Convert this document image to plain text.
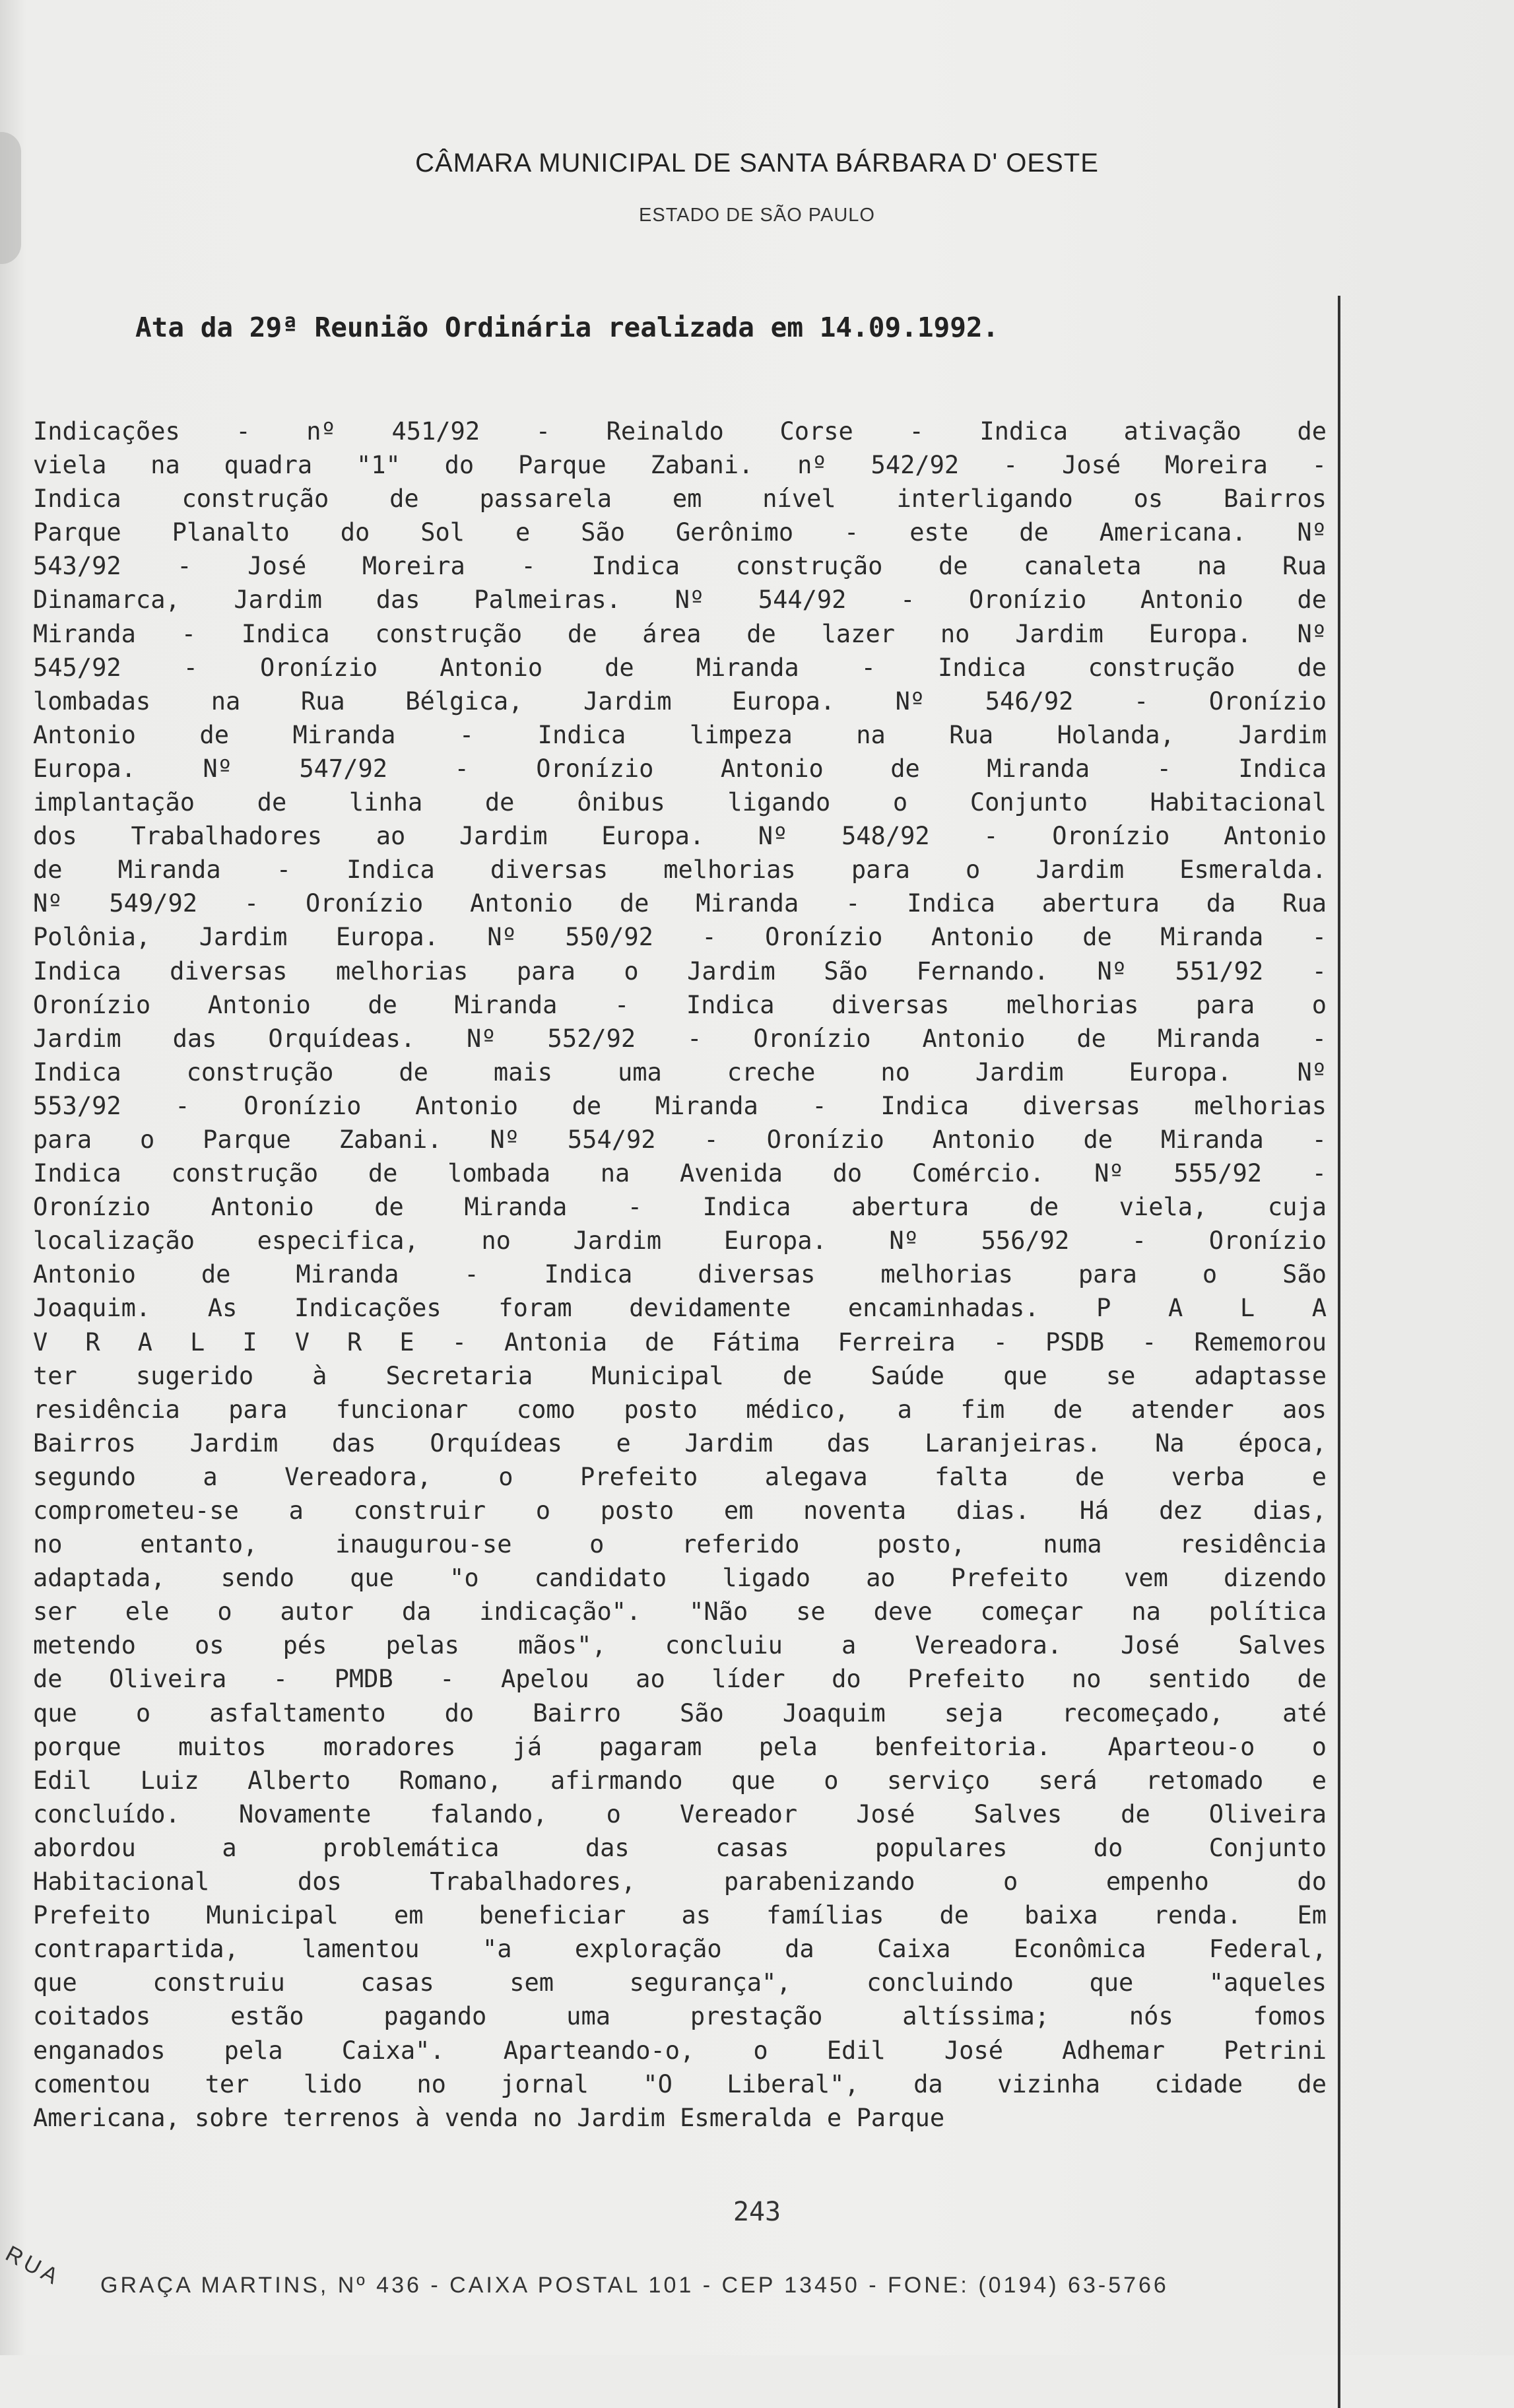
CÂMARA MUNICIPAL DE SANTA BÁRBARA D' OESTE
ESTADO DE SÃO PAULO
Ata da 29ª Reunião Ordinária realizada em 14.09.1992.
Indicações - nº 451/92 - Reinaldo Corse - Indica ativação de
viela na quadra "1" do Parque Zabani. nº 542/92 - José Moreira -
Indica construção de passarela em nível interligando os Bairros
Parque Planalto do Sol e São Gerônimo - este de Americana. Nº
543/92 - José Moreira - Indica construção de canaleta na Rua
Dinamarca, Jardim das Palmeiras. Nº 544/92 - Oronízio Antonio de
Miranda - Indica construção de área de lazer no Jardim Europa. Nº
545/92 - Oronízio Antonio de Miranda - Indica construção de
lombadas na Rua Bélgica, Jardim Europa. Nº 546/92 - Oronízio
Antonio de Miranda - Indica limpeza na Rua Holanda, Jardim
Europa. Nº 547/92 - Oronízio Antonio de Miranda - Indica
implantação de linha de ônibus ligando o Conjunto Habitacional
dos Trabalhadores ao Jardim Europa. Nº 548/92 - Oronízio Antonio
de Miranda - Indica diversas melhorias para o Jardim Esmeralda.
Nº 549/92 - Oronízio Antonio de Miranda - Indica abertura da Rua
Polônia, Jardim Europa. Nº 550/92 - Oronízio Antonio de Miranda -
Indica diversas melhorias para o Jardim São Fernando. Nº 551/92 -
Oronízio Antonio de Miranda - Indica diversas melhorias para o
Jardim das Orquídeas. Nº 552/92 - Oronízio Antonio de Miranda -
Indica construção de mais uma creche no Jardim Europa. Nº
553/92 - Oronízio Antonio de Miranda - Indica diversas melhorias
para o Parque Zabani. Nº 554/92 - Oronízio Antonio de Miranda -
Indica construção de lombada na Avenida do Comércio. Nº 555/92 -
Oronízio Antonio de Miranda - Indica abertura de viela, cuja
localização especifica, no Jardim Europa. Nº 556/92 - Oronízio
Antonio de Miranda - Indica diversas melhorias para o São
Joaquim. As Indicações foram devidamente encaminhadas. P A L A
V R A L I V R E - Antonia de Fátima Ferreira - PSDB - Rememorou
ter sugerido à Secretaria Municipal de Saúde que se adaptasse
residência para funcionar como posto médico, a fim de atender aos
Bairros Jardim das Orquídeas e Jardim das Laranjeiras. Na época,
segundo a Vereadora, o Prefeito alegava falta de verba e
comprometeu-se a construir o posto em noventa dias. Há dez dias,
no entanto, inaugurou-se o referido posto, numa residência
adaptada, sendo que "o candidato ligado ao Prefeito vem dizendo
ser ele o autor da indicação". "Não se deve começar na política
metendo os pés pelas mãos", concluiu a Vereadora. José Salves
de Oliveira - PMDB - Apelou ao líder do Prefeito no sentido de
que o asfaltamento do Bairro São Joaquim seja recomeçado, até
porque muitos moradores já pagaram pela benfeitoria. Aparteou-o o
Edil Luiz Alberto Romano, afirmando que o serviço será retomado e
concluído. Novamente falando, o Vereador José Salves de Oliveira
abordou a problemática das casas populares do Conjunto
Habitacional dos Trabalhadores, parabenizando o empenho do
Prefeito Municipal em beneficiar as famílias de baixa renda. Em
contrapartida, lamentou "a exploração da Caixa Econômica Federal,
que construiu casas sem segurança", concluindo que "aqueles
coitados estão pagando uma prestação altíssima; nós fomos
enganados pela Caixa". Aparteando-o, o Edil José Adhemar Petrini
comentou ter lido no jornal "O Liberal", da vizinha cidade de
Americana, sobre terrenos à venda no Jardim Esmeralda e Parque
243
RUA GRAÇA MARTINS, Nº 436 - CAIXA POSTAL 101 - CEP 13450 - FONE: (0194) 63-5766
